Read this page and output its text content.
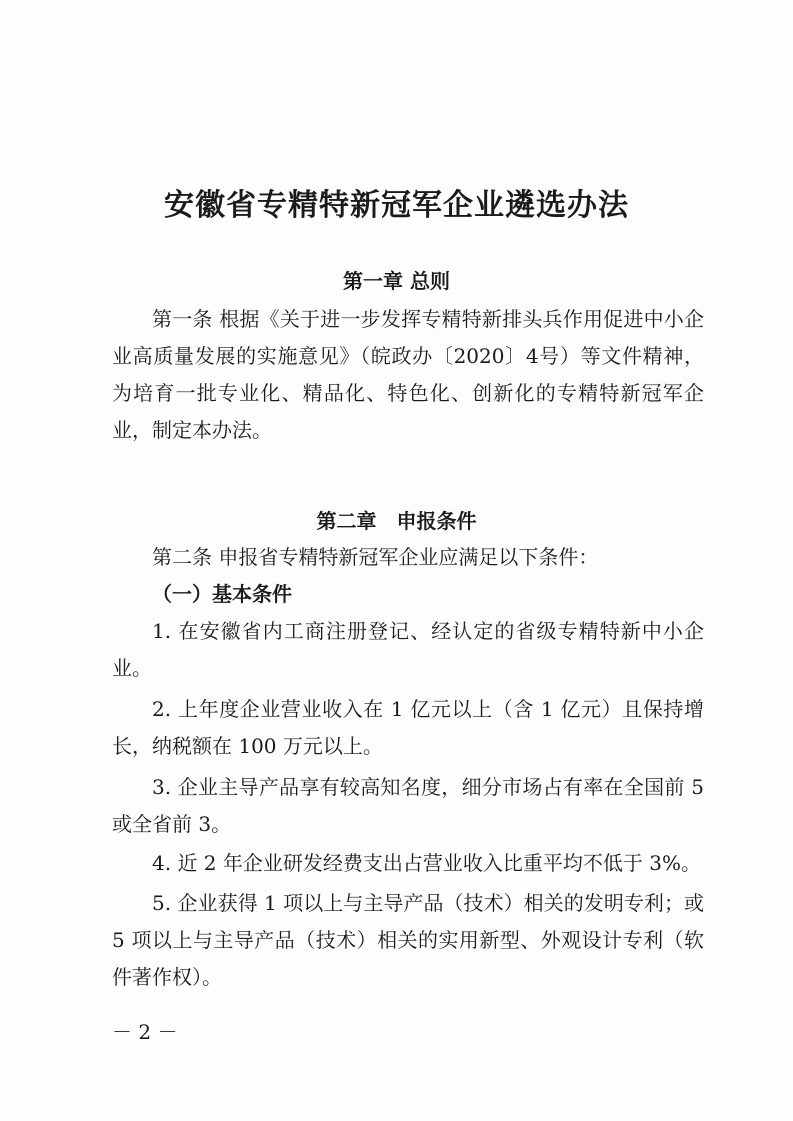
安徽省专精特新冠军企业遴选办法
第一章 总则
第一条 根据《关于进一步发挥专精特新排头兵作用促进中小企业高质量发展的实施意见》（皖政办〔2020〕4号）等文件精神，为培育一批专业化、精品化、特色化、创新化的专精特新冠军企业，制定本办法。
第二章　申报条件
第二条 申报省专精特新冠军企业应满足以下条件：
（一）基本条件
1. 在安徽省内工商注册登记、经认定的省级专精特新中小企业。
2. 上年度企业营业收入在 1 亿元以上（含 1 亿元）且保持增长，纳税额在 100 万元以上。
3. 企业主导产品享有较高知名度，细分市场占有率在全国前 5 或全省前 3。
4. 近 2 年企业研发经费支出占营业收入比重平均不低于 3%。
5. 企业获得 1 项以上与主导产品（技术）相关的发明专利；或 5 项以上与主导产品（技术）相关的实用新型、外观设计专利（软件著作权）。
－ 2 －
